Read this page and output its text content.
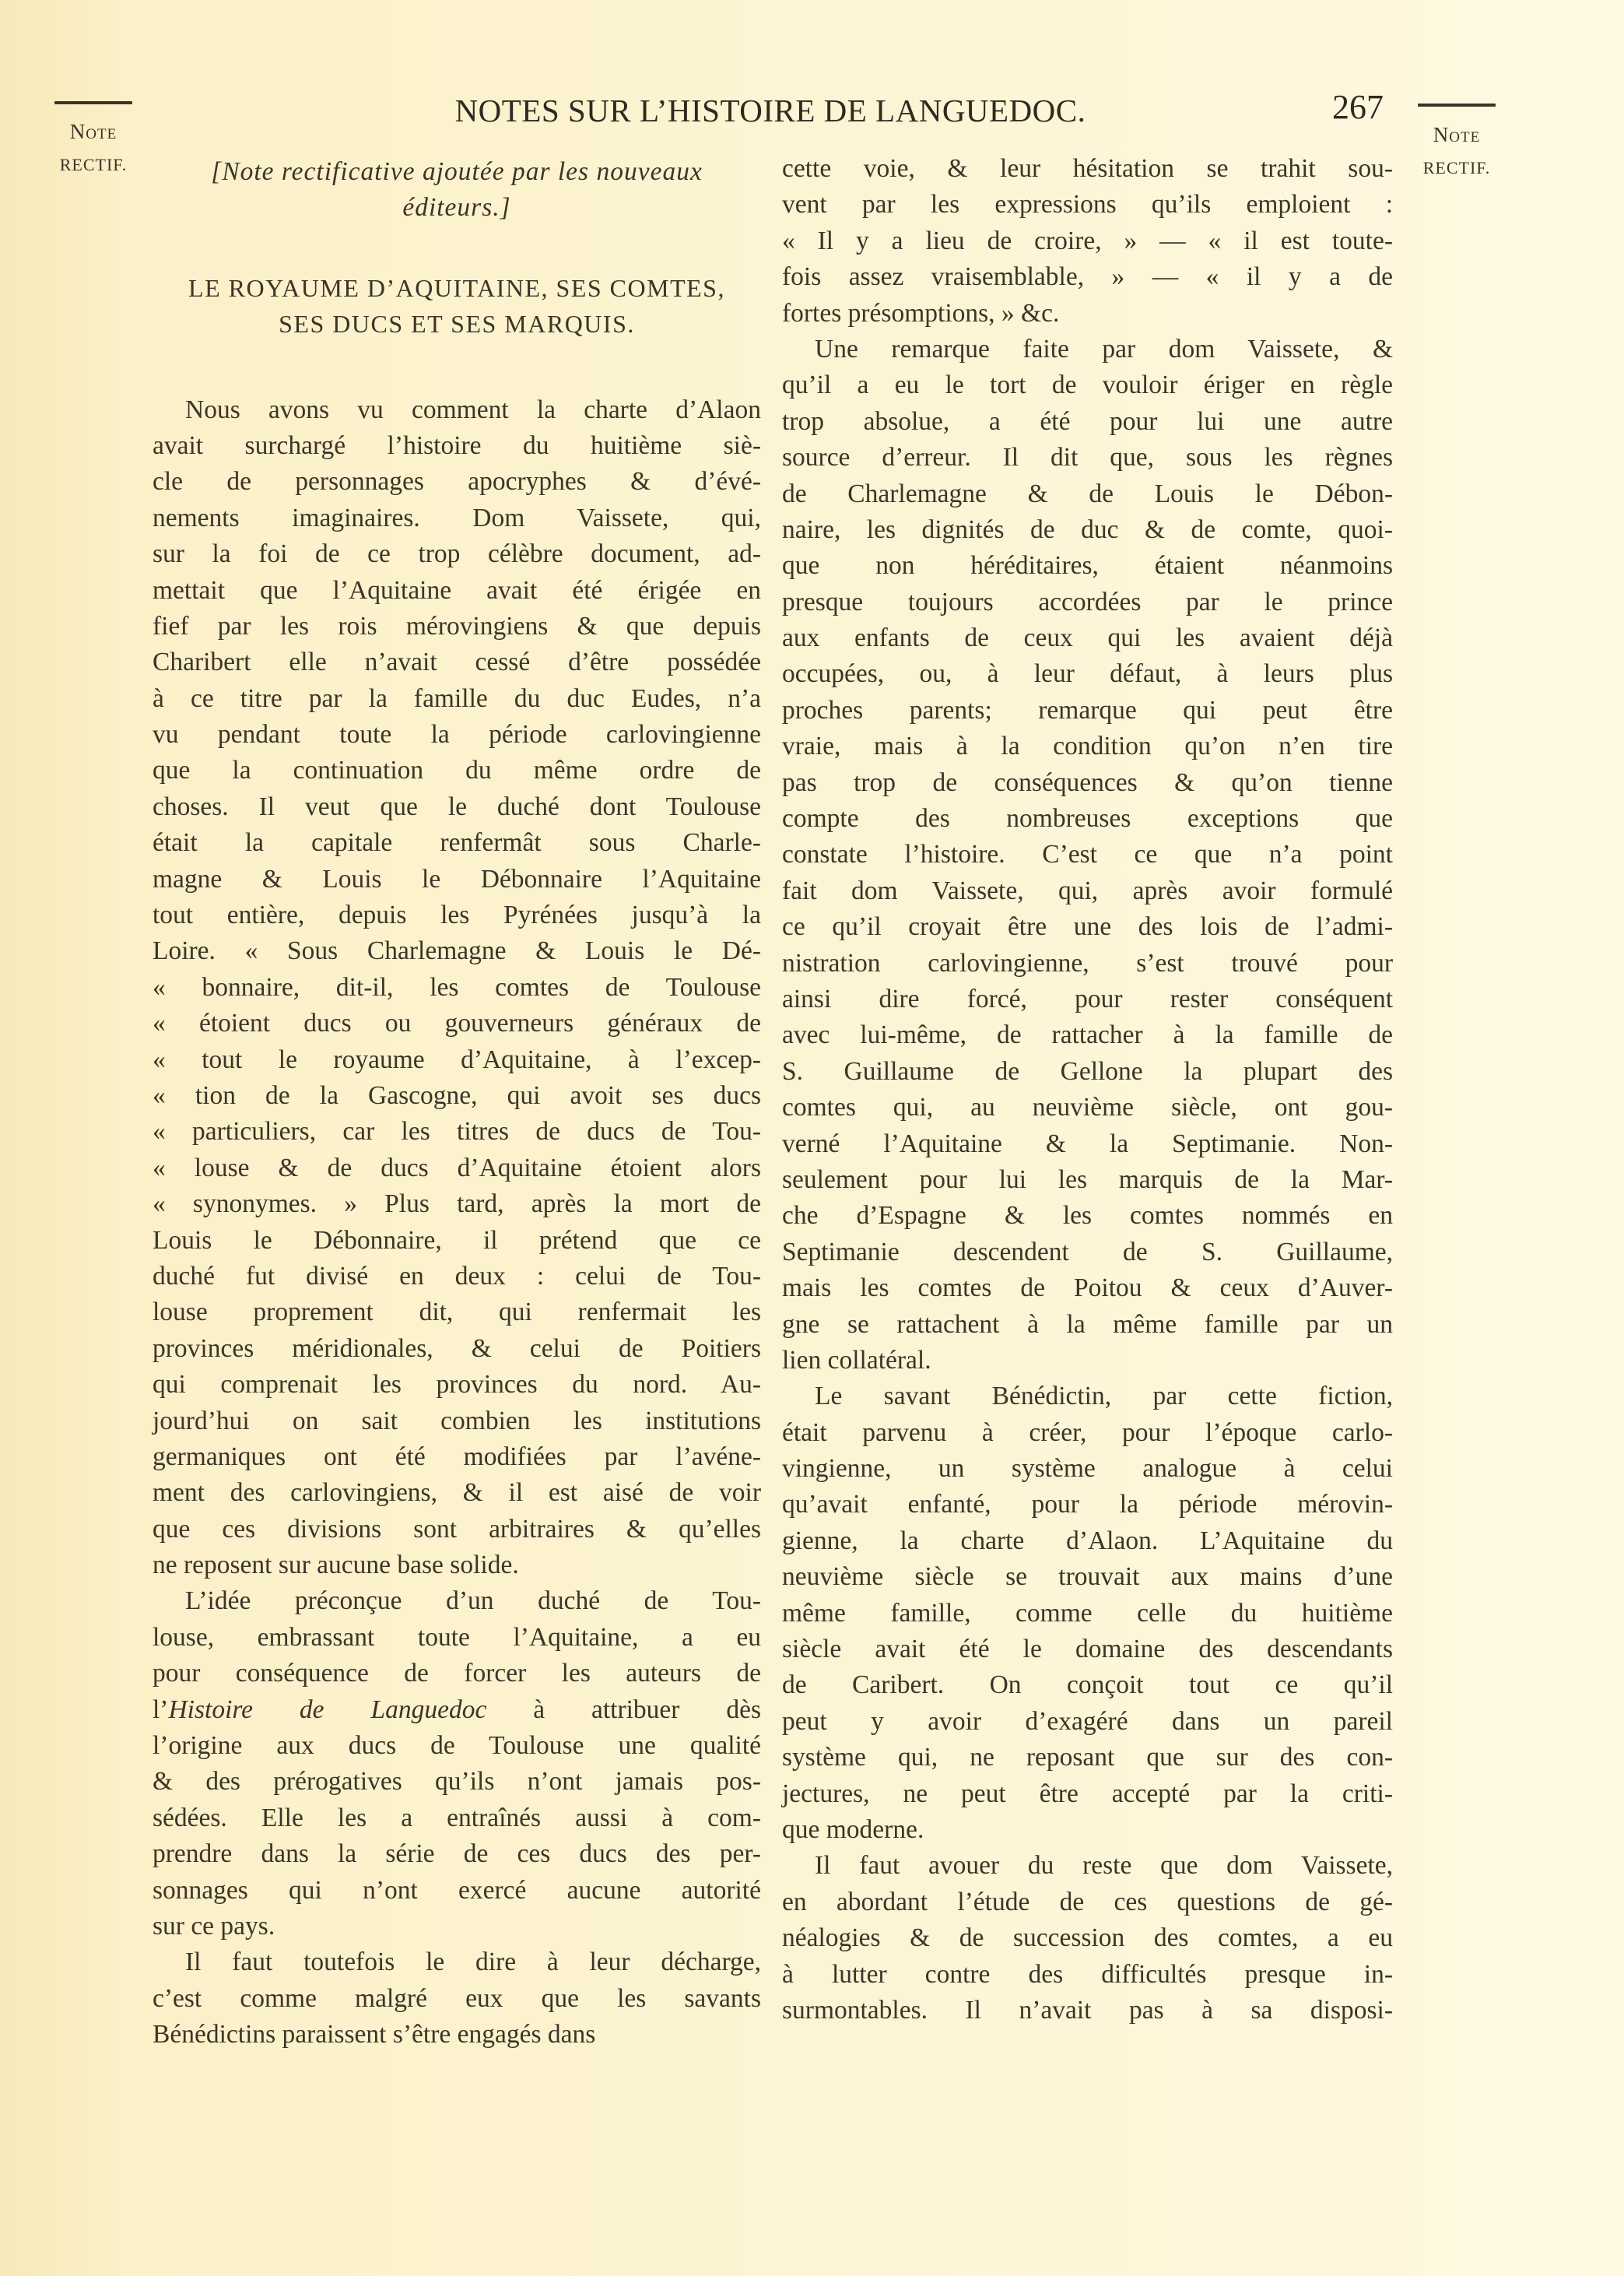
Note
RECTIF.
Note
RECTIF.
NOTES SUR L’HISTOIRE DE LANGUEDOC.	267
[Note rectificative ajoutée par les nouveaux
éditeurs.]
LE ROYAUME D’AQUITAINE, SES COMTES,
SES DUCS ET SES MARQUIS.
Nous avons vu comment la charte d’Alaon
avait surchargé l’histoire du huitième siè-
cle de personnages apocryphes & d’évé-
nements imaginaires. Dom Vaissete, qui,
sur la foi de ce trop célèbre document, ad-
mettait que l’Aquitaine avait été érigée en
fief par les rois mérovingiens & que depuis
Charibert elle n’avait cessé d’être possédée
à ce titre par la famille du duc Eudes, n’a
vu pendant toute la période carlovingienne
que la continuation du même ordre de
choses. Il veut que le duché dont Toulouse
était la capitale renfermât sous Charle-
magne & Louis le Débonnaire l’Aquitaine
tout entière, depuis les Pyrénées jusqu’à la
Loire. « Sous Charlemagne & Louis le Dé-
« bonnaire, dit-il, les comtes de Toulouse
« étoient ducs ou gouverneurs généraux de
« tout le royaume d’Aquitaine, à l’excep-
« tion de la Gascogne, qui avoit ses ducs
« particuliers, car les titres de ducs de Tou-
« louse & de ducs d’Aquitaine étoient alors
« synonymes. » Plus tard, après la mort de
Louis le Débonnaire, il prétend que ce
duché fut divisé en deux : celui de Tou-
louse proprement dit, qui renfermait les
provinces méridionales, & celui de Poitiers
qui comprenait les provinces du nord. Au-
jourd’hui on sait combien les institutions
germaniques ont été modifiées par l’avéne-
ment des carlovingiens, & il est aisé de voir
que ces divisions sont arbitraires & qu’elles
ne reposent sur aucune base solide.
L’idée préconçue d’un duché de Tou-
louse, embrassant toute l’Aquitaine, a eu
pour conséquence de forcer les auteurs de
l’Histoire de Languedoc à attribuer dès
l’origine aux ducs de Toulouse une qualité
& des prérogatives qu’ils n’ont jamais pos-
sédées. Elle les a entraînés aussi à com-
prendre dans la série de ces ducs des per-
sonnages qui n’ont exercé aucune autorité
sur ce pays.
Il faut toutefois le dire à leur décharge,
c’est comme malgré eux que les savants
Bénédictins paraissent s’être engagés dans
cette voie, & leur hésitation se trahit sou-
vent par les expressions qu’ils emploient :
« Il y a lieu de croire, » — « il est toute-
fois assez vraisemblable, » — « il y a de
fortes présomptions, » &c.
Une remarque faite par dom Vaissete, &
qu’il a eu le tort de vouloir ériger en règle
trop absolue, a été pour lui une autre
source d’erreur. Il dit que, sous les règnes
de Charlemagne & de Louis le Débon-
naire, les dignités de duc & de comte, quoi-
que non héréditaires, étaient néanmoins
presque toujours accordées par le prince
aux enfants de ceux qui les avaient déjà
occupées, ou, à leur défaut, à leurs plus
proches parents; remarque qui peut être
vraie, mais à la condition qu’on n’en tire
pas trop de conséquences & qu’on tienne
compte des nombreuses exceptions que
constate l’histoire. C’est ce que n’a point
fait dom Vaissete, qui, après avoir formulé
ce qu’il croyait être une des lois de l’admi-
nistration carlovingienne, s’est trouvé pour
ainsi dire forcé, pour rester conséquent
avec lui-même, de rattacher à la famille de
S. Guillaume de Gellone la plupart des
comtes qui, au neuvième siècle, ont gou-
verné l’Aquitaine & la Septimanie. Non-
seulement pour lui les marquis de la Mar-
che d’Espagne & les comtes nommés en
Septimanie descendent de S. Guillaume,
mais les comtes de Poitou & ceux d’Auver-
gne se rattachent à la même famille par un
lien collatéral.
Le savant Bénédictin, par cette fiction,
était parvenu à créer, pour l’époque carlo-
vingienne, un système analogue à celui
qu’avait enfanté, pour la période mérovin-
gienne, la charte d’Alaon. L’Aquitaine du
neuvième siècle se trouvait aux mains d’une
même famille, comme celle du huitième
siècle avait été le domaine des descendants
de Caribert. On conçoit tout ce qu’il
peut y avoir d’exagéré dans un pareil
système qui, ne reposant que sur des con-
jectures, ne peut être accepté par la criti-
que moderne.
Il faut avouer du reste que dom Vaissete,
en abordant l’étude de ces questions de gé-
néalogies & de succession des comtes, a eu
à lutter contre des difficultés presque in-
surmontables. Il n’avait pas à sa disposi-
